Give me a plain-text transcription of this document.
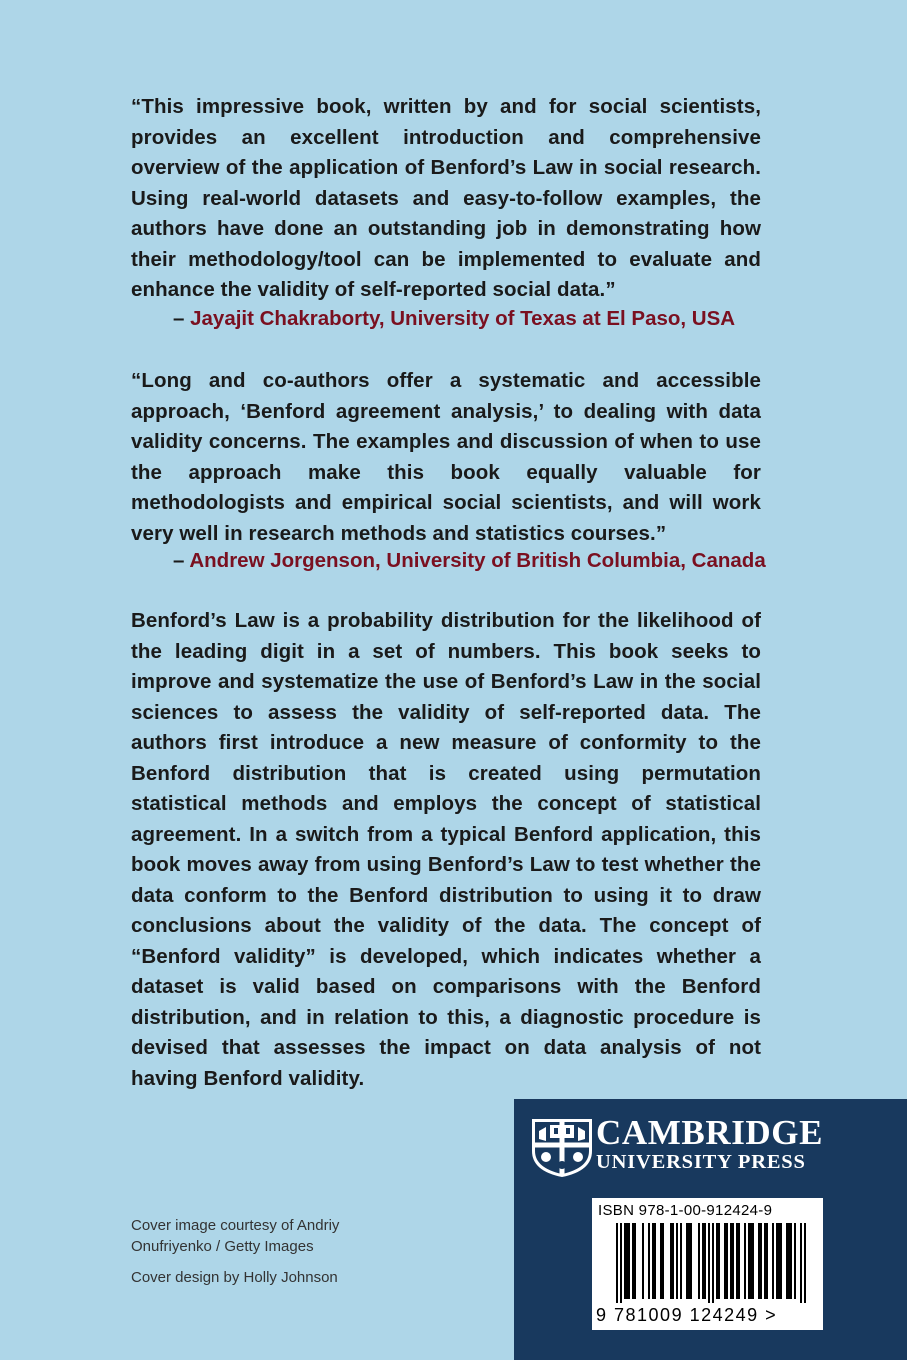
“This impressive book, written by and for social scientists, provides an excellent introduction and comprehensive overview of the application of Benford’s Law in social research. Using real-world datasets and easy-to-follow examples, the authors have done an outstanding job in demonstrating how their methodology/tool can be implemented to evaluate and enhance the validity of self-reported social data.”

– Jayajit Chakraborty, University of Texas at El Paso, USA

“Long and co-authors offer a systematic and accessible approach, ‘Benford agreement analysis,’ to dealing with data validity concerns. The examples and discussion of when to use the approach make this book equally valuable for methodologists and empirical social scientists, and will work very well in research methods and statistics courses.”

– Andrew Jorgenson, University of British Columbia, Canada

Benford’s Law is a probability distribution for the likelihood of the leading digit in a set of numbers. This book seeks to improve and systematize the use of Benford’s Law in the social sciences to assess the validity of self-reported data. The authors first introduce a new measure of conformity to the Benford distribution that is created using permutation statistical methods and employs the concept of statistical agreement. In a switch from a typical Benford application, this book moves away from using Benford’s Law to test whether the data conform to the Benford distribution to using it to draw conclusions about the validity of the data. The concept of “Benford validity” is developed, which indicates whether a dataset is valid based on comparisons with the Benford distribution, and in relation to this, a diagnostic procedure is devised that assesses the impact on data analysis of not having Benford validity.

Cover image courtesy of Andriy

Onufriyenko / Getty Images

Cover design by Holly Johnson

CAMBRIDGE
UNIVERSITY PRESS
ISBN 978-1-00-912424-9
9 781009 124249 >
